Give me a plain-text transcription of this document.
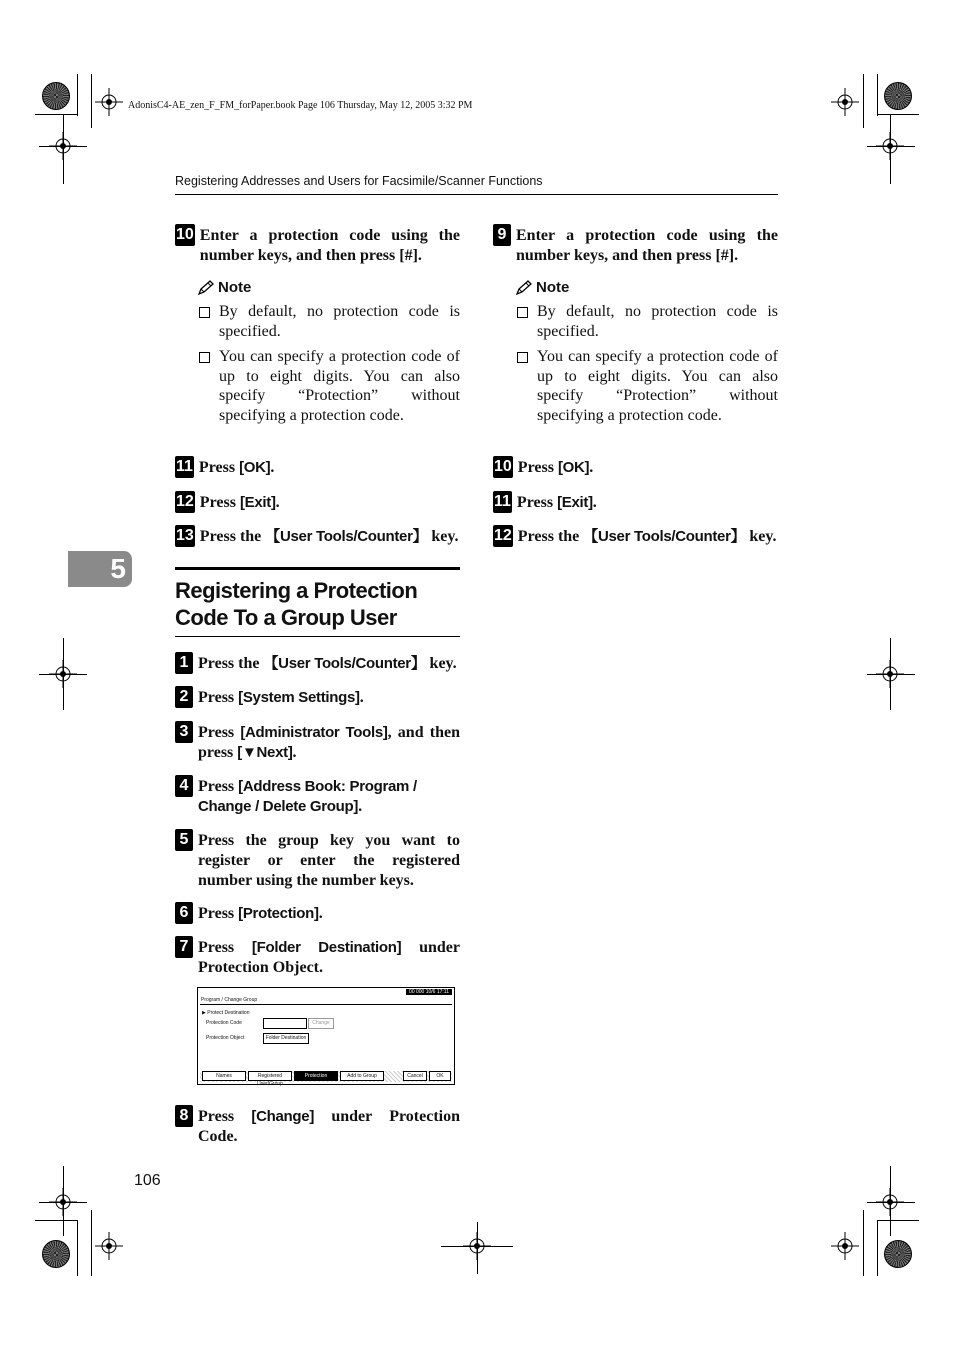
AdonisC4-AE_zen_F_FM_forPaper.book Page 106 Thursday, May 12, 2005 3:32 PM
Registering Addresses and Users for Facsimile/Scanner Functions
5
10 Enter a protection code using the number keys, and then press [#].
Note
By default, no protection code is specified.
You can specify a protection code of up to eight digits. You can also specify “Protection” without specifying a protection code.
11 Press [OK].
12 Press [Exit].
13 Press the 【User Tools/Counter】 key.
Registering a Protection Code To a Group User
1 Press the 【User Tools/Counter】 key.
2 Press [System Settings].
3 Press [Administrator Tools], and then press [▼Next].
4 Press [Address Book: Program / Change / Delete Group].
5 Press the group key you want to register or enter the registered number using the number keys.
6 Press [Protection].
7 Press [Folder Destination] under Protection Object.
00 000 10/6 17:11
Program / Change Group
▶ Protect Destination
Protection Code	Change
Protection Object	Folder Destination
Names	Registered User/Group
Protection	Add to Group	Cancel	OK
8 Press [Change] under Protection Code.
9 Enter a protection code using the number keys, and then press [#].
Note
By default, no protection code is specified.
You can specify a protection code of up to eight digits. You can also specify “Protection” without specifying a protection code.
10 Press [OK].
11 Press [Exit].
12 Press the 【User Tools/Counter】 key.
106
